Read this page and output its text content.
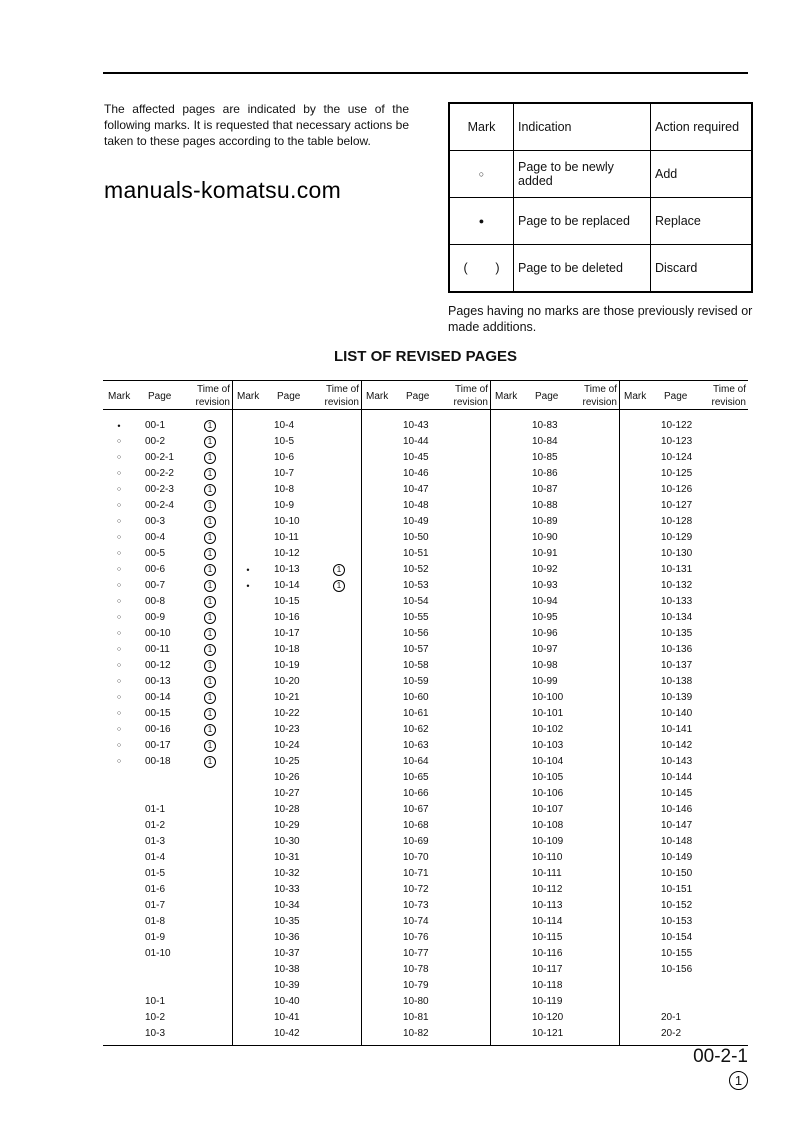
The affected pages are indicated by the use of the following marks. It is requested that necessary actions be taken to these pages according to the table below.
manuals-komatsu.com
Mark	Indication	Action required
○	Page to be newly added	Add
●	Page to be replaced	Replace
(        )	Page to be deleted	Discard
Pages having no marks are those previously revised or made additions.
LIST OF REVISED PAGES
Mark Page
Time of revision
•	00-1	1
○	00-2	1
○	00-2-1	1
○	00-2-2	1
○	00-2-3	1
○	00-2-4	1
○	00-3	1
○	00-4	1
○	00-5	1
○	00-6	1
○	00-7	1
○	00-8	1
○	00-9	1
○	00-10	1
○	00-11	1
○	00-12	1
○	00-13	1
○	00-14	1
○	00-15	1
○	00-16	1
○	00-17	1
○	00-18	1
01-1
01-2
01-3
01-4
01-5
01-6
01-7
01-8
01-9
01-10
10-1
10-2
10-3
Mark Page
Time of revision
10-4
10-5
10-6
10-7
10-8
10-9
10-10
10-11
10-12
•	10-13	1
•	10-14	1
10-15
10-16
10-17
10-18
10-19
10-20
10-21
10-22
10-23
10-24
10-25
10-26
10-27
10-28
10-29
10-30
10-31
10-32
10-33
10-34
10-35
10-36
10-37
10-38
10-39
10-40
10-41
10-42
Mark Page
Time of revision
10-43
10-44
10-45
10-46
10-47
10-48
10-49
10-50
10-51
10-52
10-53
10-54
10-55
10-56
10-57
10-58
10-59
10-60
10-61
10-62
10-63
10-64
10-65
10-66
10-67
10-68
10-69
10-70
10-71
10-72
10-73
10-74
10-76
10-77
10-78
10-79
10-80
10-81
10-82
Mark Page
Time of revision
10-83
10-84
10-85
10-86
10-87
10-88
10-89
10-90
10-91
10-92
10-93
10-94
10-95
10-96
10-97
10-98
10-99
10-100
10-101
10-102
10-103
10-104
10-105
10-106
10-107
10-108
10-109
10-110
10-111
10-112
10-113
10-114
10-115
10-116
10-117
10-118
10-119
10-120
10-121
Mark Page
Time of revision
10-122
10-123
10-124
10-125
10-126
10-127
10-128
10-129
10-130
10-131
10-132
10-133
10-134
10-135
10-136
10-137
10-138
10-139
10-140
10-141
10-142
10-143
10-144
10-145
10-146
10-147
10-148
10-149
10-150
10-151
10-152
10-153
10-154
10-155
10-156
20-1
20-2
00-2-1
1
